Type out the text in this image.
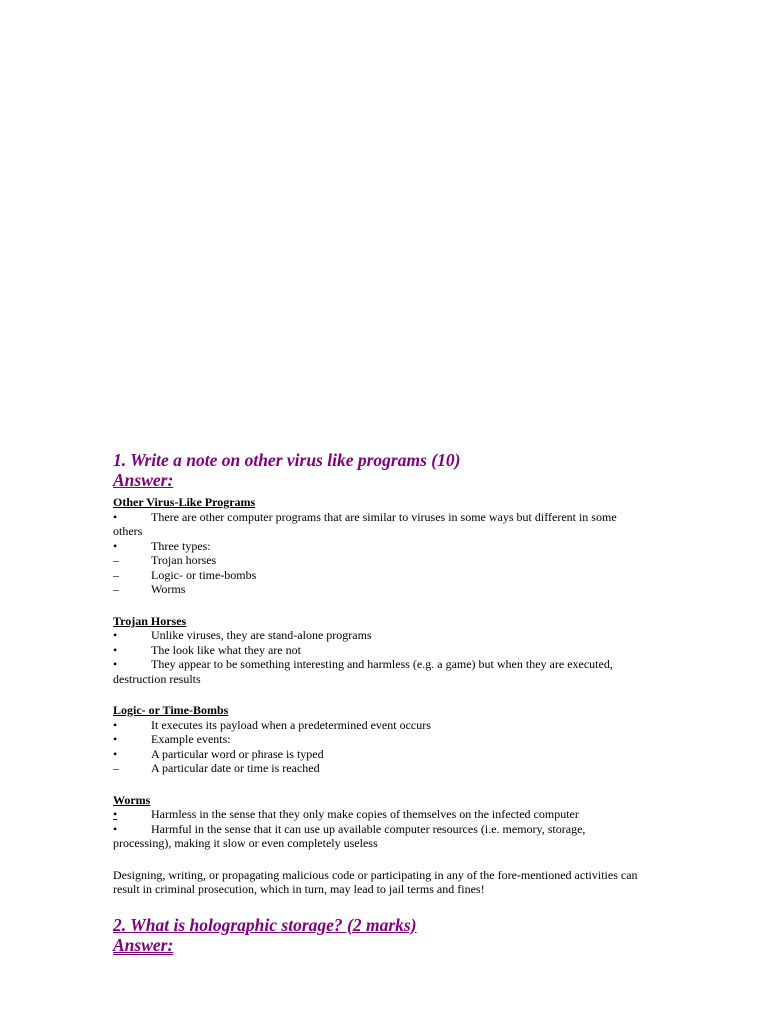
1. Write a note on other virus like programs (10)

Answer:

Other Virus-Like Programs

•	There are other computer programs that are similar to viruses in some ways but different in some
others
•	Three types:
–	Trojan horses
–	Logic- or time-bombs
–	Worms

Trojan Horses

•	Unlike viruses, they are stand-alone programs
•	The look like what they are not
•	They appear to be something interesting and harmless (e.g. a game) but when they are executed,
destruction results

Logic- or Time-Bombs

•	It executes its payload when a predetermined event occurs
•	Example events:
•	A particular word or phrase is typed
–	A particular date or time is reached

Worms

•	Harmless in the sense that they only make copies of themselves on the infected computer
•	Harmful in the sense that it can use up available computer resources (i.e. memory, storage,
processing), making it slow or even completely useless

Designing, writing, or propagating malicious code or participating in any of the fore-mentioned activities can result in criminal prosecution, which in turn, may lead to jail terms and fines!

2. What is holographic storage? (2 marks)

Answer:
